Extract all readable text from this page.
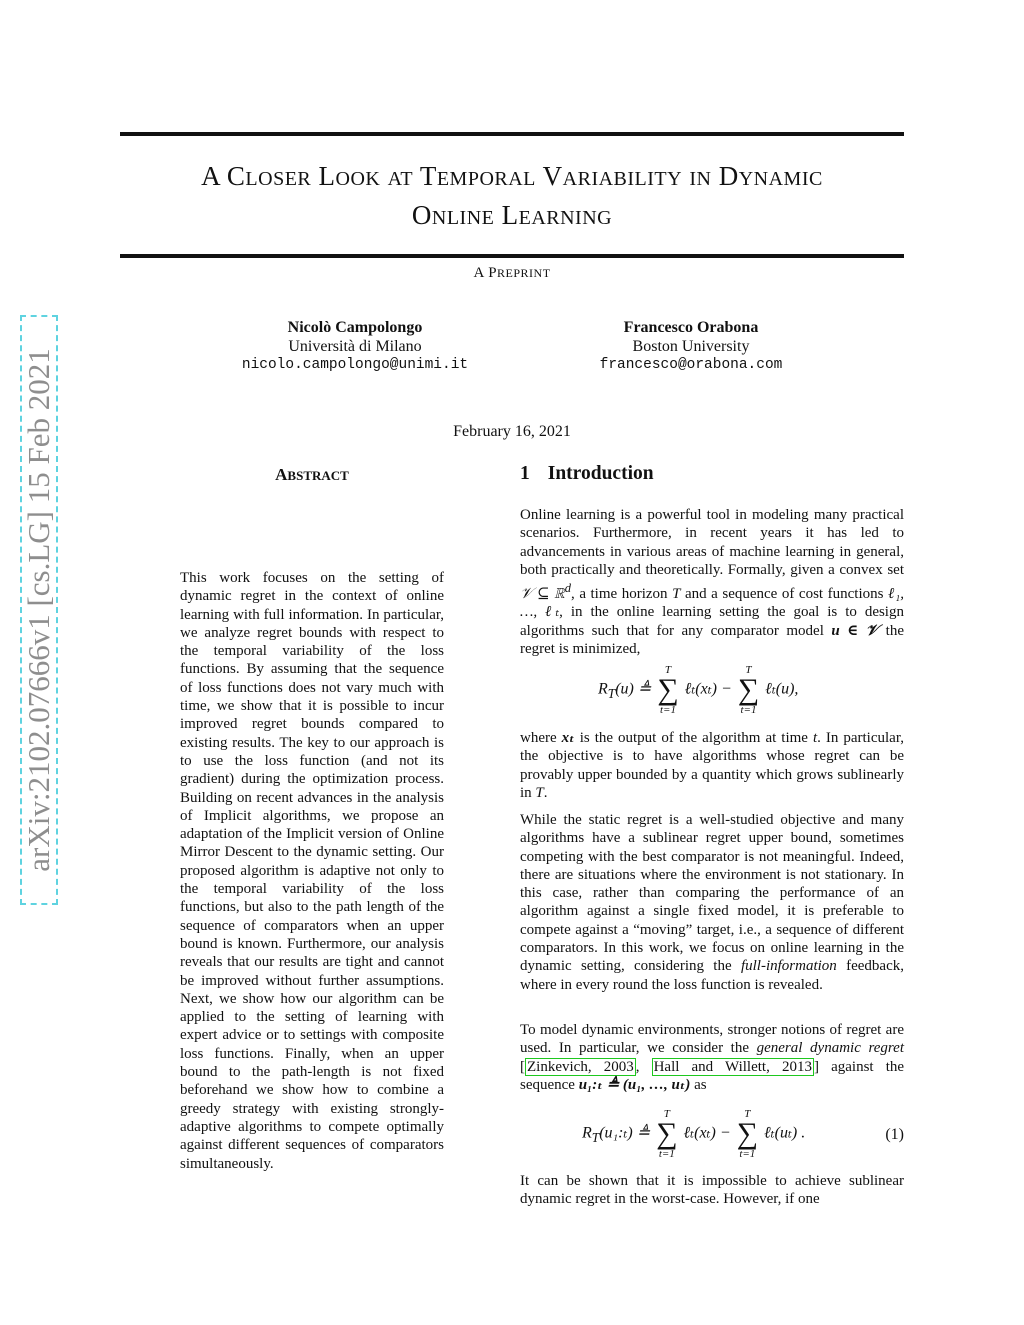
A CLOSER LOOK AT TEMPORAL VARIABILITY IN DYNAMIC
ONLINE LEARNING
A PREPRINT
Nicolò Campolongo
Università di Milano
nicolo.campolongo@unimi.it
Francesco Orabona
Boston University
francesco@orabona.com
February 16, 2021
arXiv:2102.07666v1 [cs.LG] 15 Feb 2021	ABSTRACT
This work focuses on the setting of dynamic regret in the context of online learning with full information. In particular, we analyze regret bounds with respect to the temporal variability of the loss functions. By assuming that the sequence of loss functions does not vary much with time, we show that it is possible to incur improved regret bounds compared to existing results. The key to our approach is to use the loss function (and not its gradient) during the optimization process. Building on recent advances in the analysis of Implicit algorithms, we propose an adaptation of the Implicit version of Online Mirror Descent to the dynamic setting. Our proposed algorithm is adaptive not only to the temporal variability of the loss functions, but also to the path length of the sequence of comparators when an upper bound is known. Furthermore, our analysis reveals that our results are tight and cannot be improved without further assumptions. Next, we show how our algorithm can be applied to the setting of learning with expert advice or to settings with composite loss functions. Finally, when an upper bound to the path-length is not fixed beforehand we show how to combine a greedy strategy with existing strongly-adaptive algorithms to compete optimally against different sequences of comparators simultaneously.
1 Introduction
Online learning is a powerful tool in modeling many practical scenarios. Furthermore, in recent years it has led to advancements in various areas of machine learning in general, both practically and theoretically. Formally, given a convex set 𝒱 ⊆ ℝ$^d$, a time horizon T and a sequence of cost functions ℓ₁, …, ℓₜ, in the online learning setting the goal is to design algorithms such that for any comparator model u ∈ 𝒱 the regret is minimized,
$R_T(u)$ ≜
T
∑
t=1
ℓₜ(xₜ) −
T
∑
t=1
ℓₜ(u),
where xₜ is the output of the algorithm at time t. In particular, the objective is to have algorithms whose regret can be provably upper bounded by a quantity which grows sublinearly in T.
While the static regret is a well-studied objective and many algorithms have a sublinear regret upper bound, sometimes competing with the best comparator is not meaningful. Indeed, there are situations where the environment is not stationary. In this case, rather than comparing the performance of an algorithm against a single fixed model, it is preferable to compete against a “moving” target, i.e., a sequence of different comparators. In this work, we focus on online learning in the dynamic setting, considering the full-information feedback, where in every round the loss function is revealed.
To model dynamic environments, stronger notions of regret are used. In particular, we consider the general dynamic regret [ Zinkevich, 2003 , Hall and Willett, 2013 ] against the sequence u₁:ₜ ≜ (u₁, …, uₜ) as
$R_T(u_1:_t)$ ≜
T
∑
t=1
ℓₜ(xₜ) −
T
∑
t=1
ℓₜ(uₜ) .	(1)
It can be shown that it is impossible to achieve sublinear dynamic regret in the worst-case. However, if one
